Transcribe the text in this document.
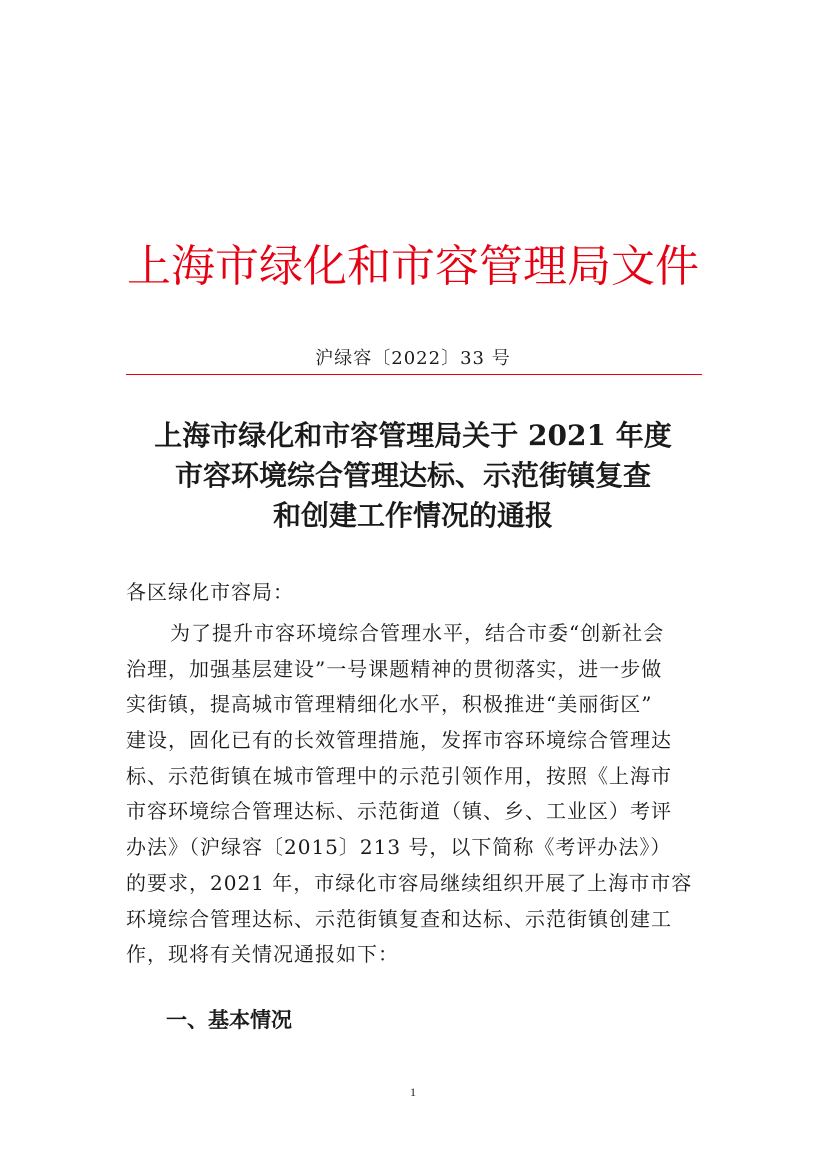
上海市绿化和市容管理局文件
沪绿容〔2022〕33 号
上海市绿化和市容管理局关于 2021 年度
市容环境综合管理达标、示范街镇复查
和创建工作情况的通报
各区绿化市容局：
为了提升市容环境综合管理水平，结合市委“创新社会
治理，加强基层建设”一号课题精神的贯彻落实，进一步做
实街镇，提高城市管理精细化水平，积极推进“美丽街区”
建设，固化已有的长效管理措施，发挥市容环境综合管理达
标、示范街镇在城市管理中的示范引领作用，按照《上海市
市容环境综合管理达标、示范街道（镇、乡、工业区）考评
办法》（沪绿容〔2015〕213 号，以下简称《考评办法》）
的要求，2021 年，市绿化市容局继续组织开展了上海市市容
环境综合管理达标、示范街镇复查和达标、示范街镇创建工
作，现将有关情况通报如下：
一、基本情况
1
